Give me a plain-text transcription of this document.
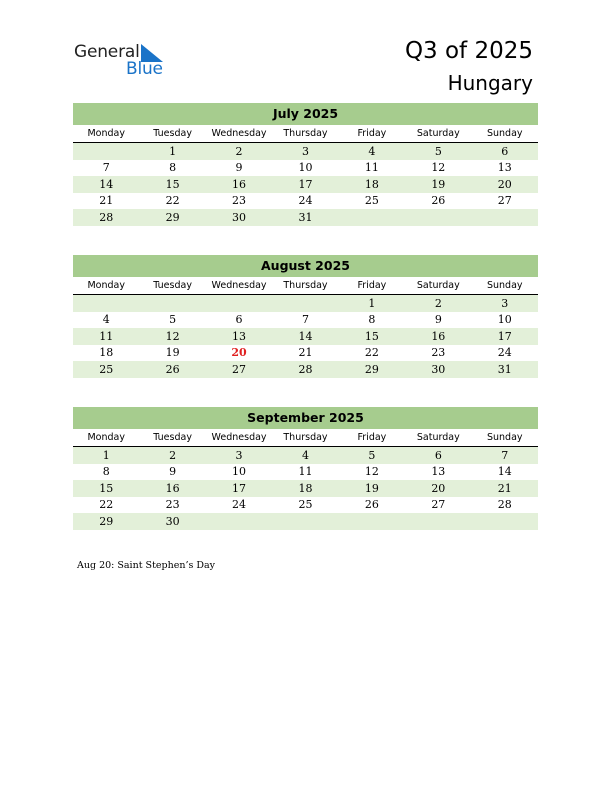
General
Blue
Q3 of 2025
Hungary
July 2025
Monday	Tuesday	Wednesday	Thursday	Friday	Saturday	Sunday
	1	2	3	4	5	6
7	8	9	10	11	12	13
14	15	16	17	18	19	20
21	22	23	24	25	26	27
28	29	30	31			
August 2025
Monday	Tuesday	Wednesday	Thursday	Friday	Saturday	Sunday
				1	2	3
4	5	6	7	8	9	10
11	12	13	14	15	16	17
18	19	20	21	22	23	24
25	26	27	28	29	30	31
September 2025
Monday	Tuesday	Wednesday	Thursday	Friday	Saturday	Sunday
1	2	3	4	5	6	7
8	9	10	11	12	13	14
15	16	17	18	19	20	21
22	23	24	25	26	27	28
29	30					
Aug 20: Saint Stephen’s Day
